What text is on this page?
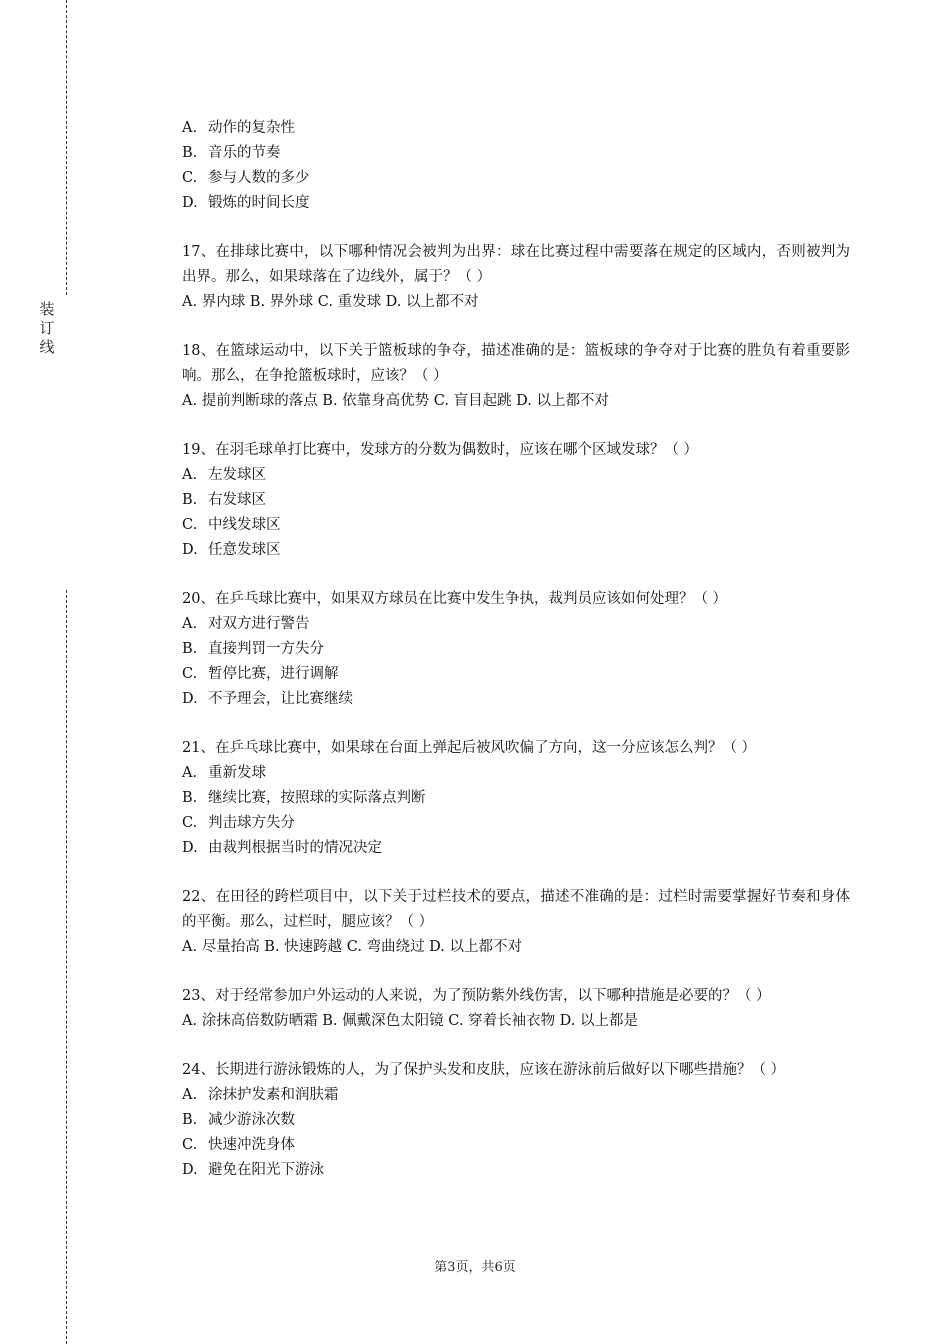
装
订
线

A. 动作的复杂性

B. 音乐的节奏

C. 参与人数的多少

D. 锻炼的时间长度

17、在排球比赛中，以下哪种情况会被判为出界：球在比赛过程中需要落在规定的区域内，否则被判为出界。那么，如果球落在了边线外，属于？（ ）

A. 界内球 B. 界外球 C. 重发球 D. 以上都不对

18、在篮球运动中，以下关于篮板球的争夺，描述准确的是：篮板球的争夺对于比赛的胜负有着重要影响。那么，在争抢篮板球时，应该？（ ）

A. 提前判断球的落点 B. 依靠身高优势 C. 盲目起跳 D. 以上都不对

19、在羽毛球单打比赛中，发球方的分数为偶数时，应该在哪个区域发球？（ ）

A. 左发球区

B. 右发球区

C. 中线发球区

D. 任意发球区

20、在乒乓球比赛中，如果双方球员在比赛中发生争执，裁判员应该如何处理？（ ）

A. 对双方进行警告

B. 直接判罚一方失分

C. 暂停比赛，进行调解

D. 不予理会，让比赛继续

21、在乒乓球比赛中，如果球在台面上弹起后被风吹偏了方向，这一分应该怎么判？（ ）

A. 重新发球

B. 继续比赛，按照球的实际落点判断

C. 判击球方失分

D. 由裁判根据当时的情况决定

22、在田径的跨栏项目中，以下关于过栏技术的要点，描述不准确的是：过栏时需要掌握好节奏和身体的平衡。那么，过栏时，腿应该？（ ）

A. 尽量抬高 B. 快速跨越 C. 弯曲绕过 D. 以上都不对

23、对于经常参加户外运动的人来说，为了预防紫外线伤害，以下哪种措施是必要的？（ ）

A. 涂抹高倍数防晒霜 B. 佩戴深色太阳镜 C. 穿着长袖衣物 D. 以上都是

24、长期进行游泳锻炼的人，为了保护头发和皮肤，应该在游泳前后做好以下哪些措施？（ ）

A. 涂抹护发素和润肤霜

B. 减少游泳次数

C. 快速冲洗身体

D. 避免在阳光下游泳

第3页，共6页
